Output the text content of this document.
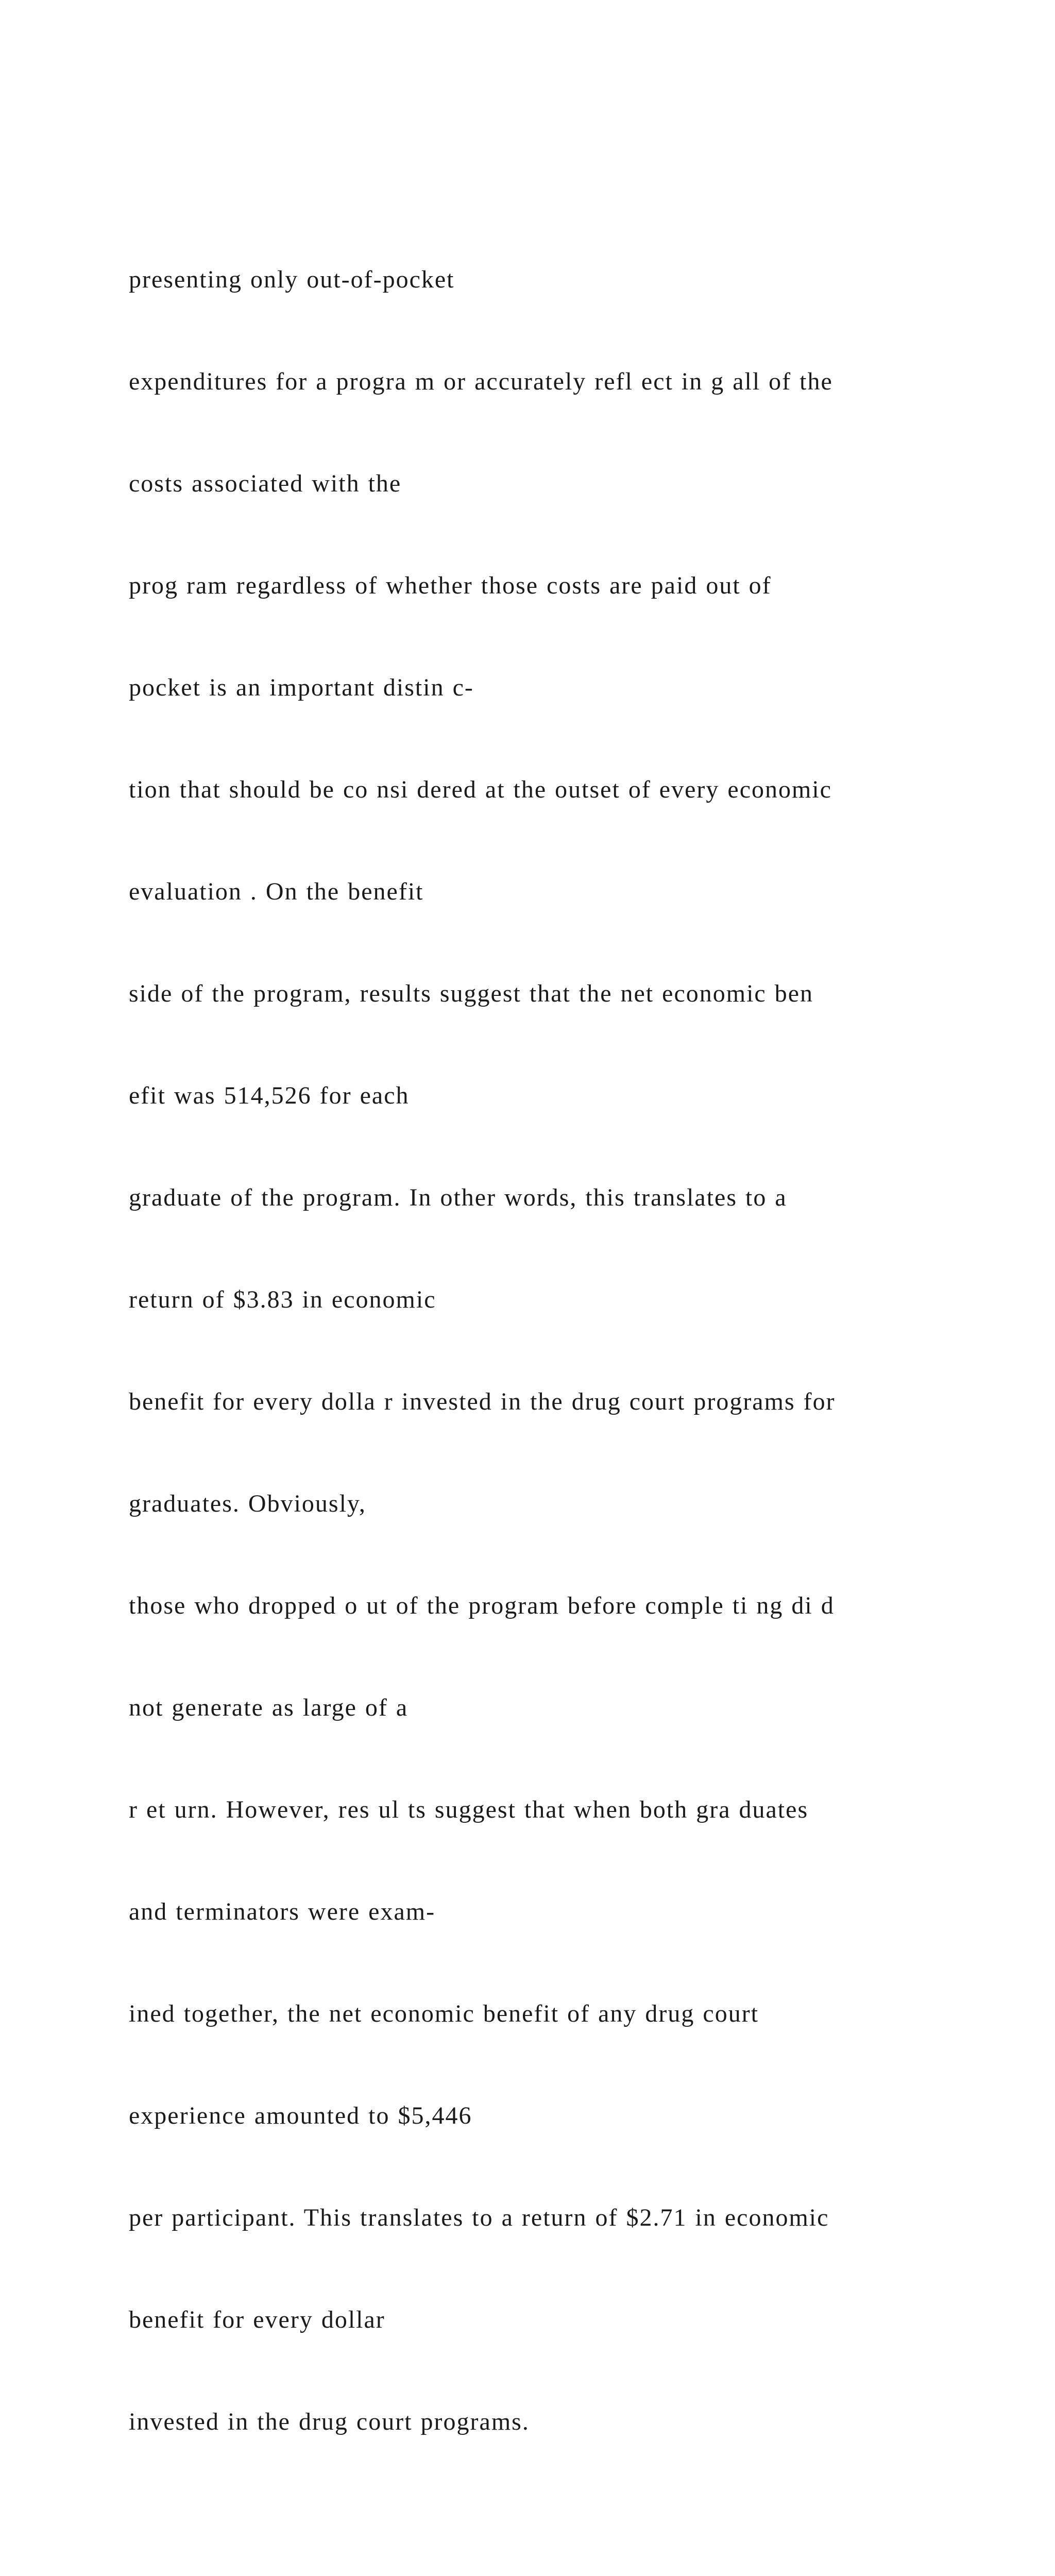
presenting only out-of-pocket

expenditures for a progra m or accurately refl ect in g all of the

costs associated with the

prog ram regardless of whether those costs are paid out of

pocket is an important distin c-

tion that should be co nsi dered at the outset of every economic

evaluation . On the benefit

side of the program, results suggest that the net economic ben

efit was 514,526 for each

graduate of the program. In other words, this translates to a

return of $3.83 in economic

benefit for every dolla r invested in the drug court programs for

graduates. Obviously,

those who dropped o ut of the program before comple ti ng di d

not generate as large of a

r et urn. However, res ul ts suggest that when both gra duates

and terminators were exam-

ined together, the net economic benefit of any drug court

experience amounted to $5,446

per participant. This translates to a return of $2.71 in economic

benefit for every dollar

invested in the drug court programs.
